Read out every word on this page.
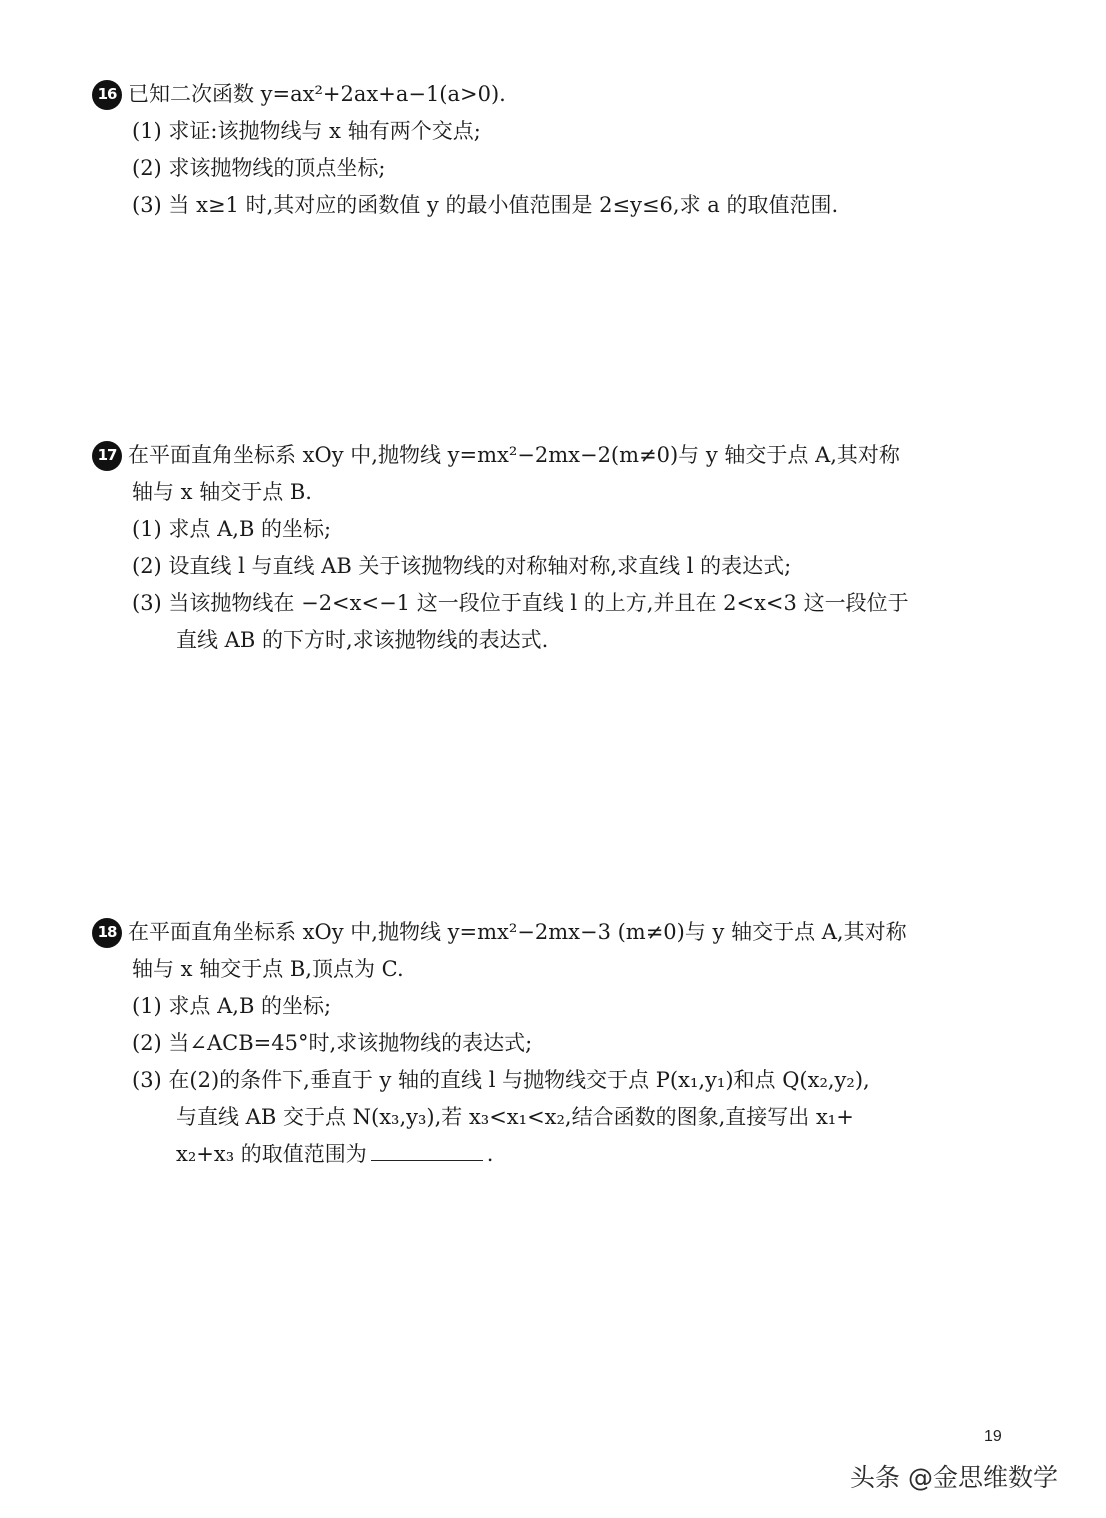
16 已知二次函数 y=ax²+2ax+a−1(a>0).
(1) 求证:该抛物线与 x 轴有两个交点;
(2) 求该抛物线的顶点坐标;
(3) 当 x≥1 时,其对应的函数值 y 的最小值范围是 2≤y≤6,求 a 的取值范围.
17 在平面直角坐标系 xOy 中,抛物线 y=mx²−2mx−2(m≠0)与 y 轴交于点 A,其对称
轴与 x 轴交于点 B.
(1) 求点 A,B 的坐标;
(2) 设直线 l 与直线 AB 关于该抛物线的对称轴对称,求直线 l 的表达式;
(3) 当该抛物线在 −2<x<−1 这一段位于直线 l 的上方,并且在 2<x<3 这一段位于
直线 AB 的下方时,求该抛物线的表达式.
18 在平面直角坐标系 xOy 中,抛物线 y=mx²−2mx−3 (m≠0)与 y 轴交于点 A,其对称
轴与 x 轴交于点 B,顶点为 C.
(1) 求点 A,B 的坐标;
(2) 当∠ACB=45°时,求该抛物线的表达式;
(3) 在(2)的条件下,垂直于 y 轴的直线 l 与抛物线交于点 P(x₁,y₁)和点 Q(x₂,y₂),
与直线 AB 交于点 N(x₃,y₃),若 x₃<x₁<x₂,结合函数的图象,直接写出 x₁+
x₂+x₃ 的取值范围为	.
19
头条 @金思维数学
